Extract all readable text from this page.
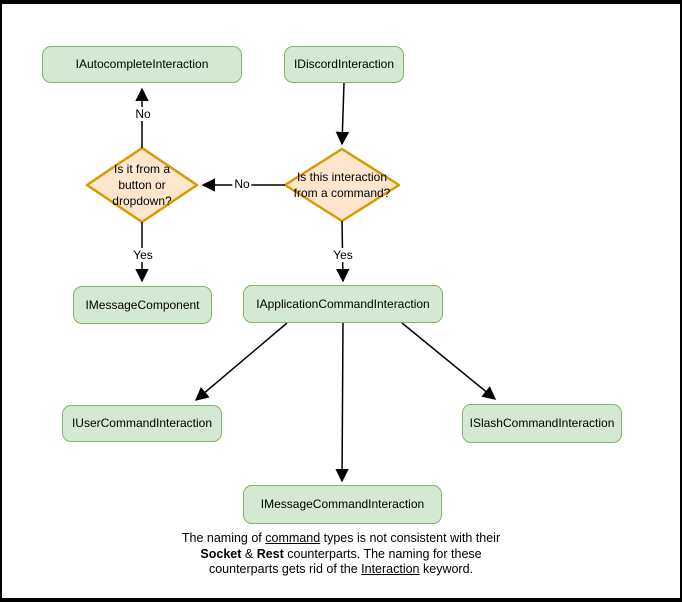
IAutocompleteInteraction	IDiscordInteraction
IMessageComponent	IApplicationCommandInteraction
IUserCommandInteraction	ISlashCommandInteraction
IMessageCommandInteraction
Is it from a button or dropdown?
Is this interaction from a command?
No
No
Yes	Yes
The naming of command types is not consistent with their
Socket & Rest counterparts. The naming for these
counterparts gets rid of the Interaction keyword.
